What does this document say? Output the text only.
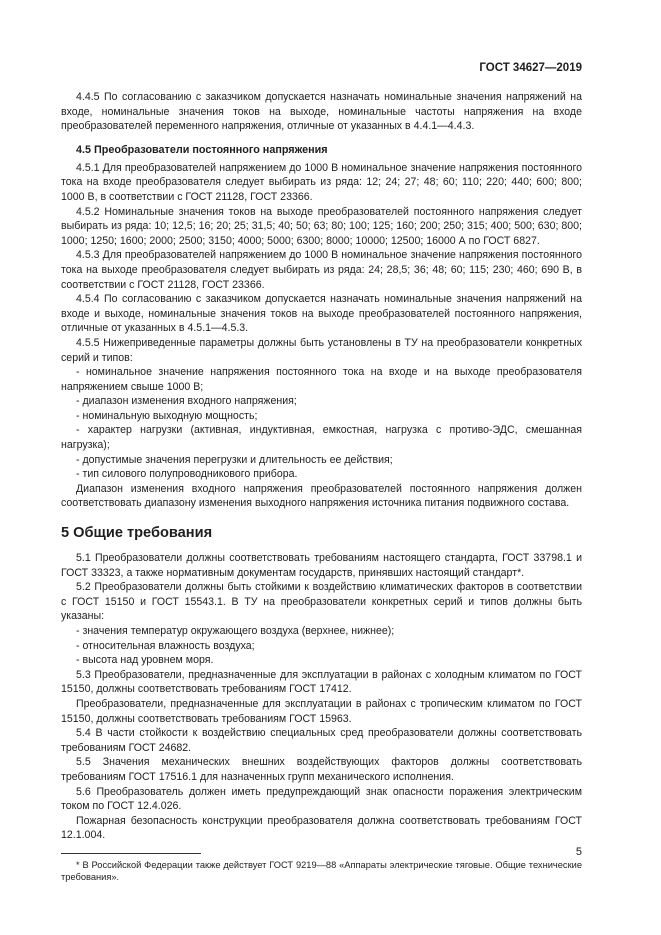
ГОСТ 34627—2019

4.4.5 По согласованию с заказчиком допускается назначать номинальные значения напряжений на входе, номинальные значения токов на выходе, номинальные частоты напряжения на входе преобразователей переменного напряжения, отличные от указанных в 4.4.1—4.4.3.

4.5 Преобразователи постоянного напряжения

4.5.1 Для преобразователей напряжением до 1000 В номинальное значение напряжения постоянного тока на входе преобразователя следует выбирать из ряда: 12; 24; 27; 48; 60; 110; 220; 440; 600; 800; 1000 В, в соответствии с ГОСТ 21128, ГОСТ 23366.

4.5.2 Номинальные значения токов на выходе преобразователей постоянного напряжения следует выбирать из ряда: 10; 12,5; 16; 20; 25; 31,5; 40; 50; 63; 80; 100; 125; 160; 200; 250; 315; 400; 500; 630; 800; 1000; 1250; 1600; 2000; 2500; 3150; 4000; 5000; 6300; 8000; 10000; 12500; 16000 А по ГОСТ 6827.

4.5.3 Для преобразователей напряжением до 1000 В номинальное значение напряжения постоянного тока на выходе преобразователя следует выбирать из ряда: 24; 28,5; 36; 48; 60; 115; 230; 460; 690 В, в соответствии с ГОСТ 21128, ГОСТ 23366.

4.5.4 По согласованию с заказчиком допускается назначать номинальные значения напряжений на входе и выходе, номинальные значения токов на выходе преобразователей постоянного напряжения, отличные от указанных в 4.5.1—4.5.3.

4.5.5 Нижеприведенные параметры должны быть установлены в ТУ на преобразователи конкретных серий и типов:

- номинальное значение напряжения постоянного тока на входе и на выходе преобразователя напряжением свыше 1000 В;

- диапазон изменения входного напряжения;

- номинальную выходную мощность;

- характер нагрузки (активная, индуктивная, емкостная, нагрузка с противо-ЭДС, смешанная нагрузка);

- допустимые значения перегрузки и длительность ее действия;

- тип силового полупроводникового прибора.

Диапазон изменения входного напряжения преобразователей постоянного напряжения должен соответствовать диапазону изменения выходного напряжения источника питания подвижного состава.

5 Общие требования

5.1 Преобразователи должны соответствовать требованиям настоящего стандарта, ГОСТ 33798.1 и ГОСТ 33323, а также нормативным документам государств, принявших настоящий стандарт*.

5.2 Преобразователи должны быть стойкими к воздействию климатических факторов в соответствии с ГОСТ 15150 и ГОСТ 15543.1. В ТУ на преобразователи конкретных серий и типов должны быть указаны:

- значения температур окружающего воздуха (верхнее, нижнее);

- относительная влажность воздуха;

- высота над уровнем моря.

5.3 Преобразователи, предназначенные для эксплуатации в районах с холодным климатом по ГОСТ 15150, должны соответствовать требованиям ГОСТ 17412.

Преобразователи, предназначенные для эксплуатации в районах с тропическим климатом по ГОСТ 15150, должны соответствовать требованиям ГОСТ 15963.

5.4 В части стойкости к воздействию специальных сред преобразователи должны соответствовать требованиям ГОСТ 24682.

5.5 Значения механических внешних воздействующих факторов должны соответствовать требованиям ГОСТ 17516.1 для назначенных групп механического исполнения.

5.6 Преобразователь должен иметь предупреждающий знак опасности поражения электрическим током по ГОСТ 12.4.026.

Пожарная безопасность конструкции преобразователя должна соответствовать требованиям ГОСТ 12.1.004.

* В Российской Федерации также действует ГОСТ 9219—88 «Аппараты электрические тяговые. Общие технические требования».

5
